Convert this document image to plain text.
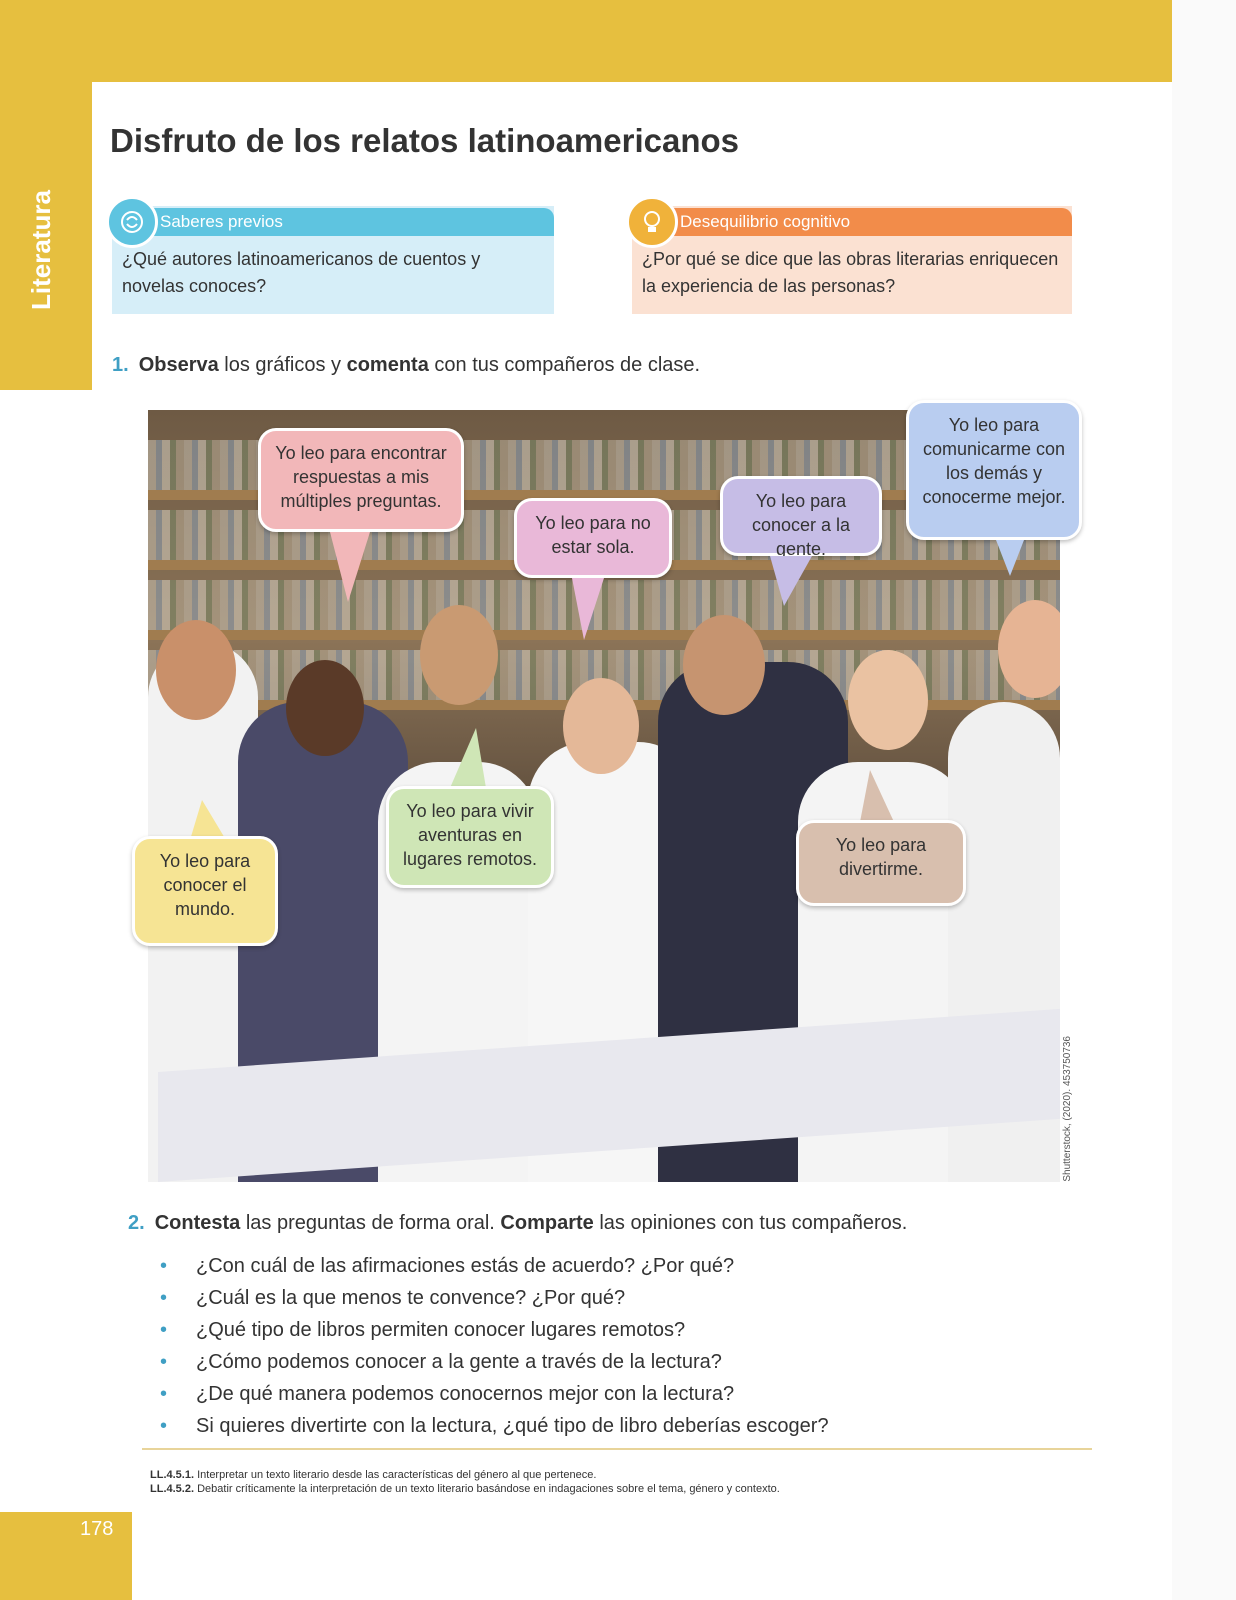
Literatura
Disfruto de los relatos latinoamericanos
Saberes previos
¿Qué autores latinoamericanos de cuentos y novelas conoces?
Desequilibrio cognitivo
¿Por qué se dice que las obras literarias enriquecen la experiencia de las personas?
1. Observa los gráficos y comenta con tus compañeros de clase.
Yo leo para encontrar respuestas a mis múltiples preguntas.
Yo leo para no estar sola.
Yo leo para conocer a la gente.
Yo leo para comunicarme con los demás y conocerme mejor.
Yo leo para vivir aventuras en lugares remotos.
Yo leo para conocer el mundo.
Yo leo para divertirme.
Shutterstock, (2020). 453750736
2. Contesta las preguntas de forma oral. Comparte las opiniones con tus compañeros.
• ¿Con cuál de las afirmaciones estás de acuerdo? ¿Por qué?
• ¿Cuál es la que menos te convence? ¿Por qué?
• ¿Qué tipo de libros permiten conocer lugares remotos?
• ¿Cómo podemos conocer a la gente a través de la lectura?
• ¿De qué manera podemos conocernos mejor con la lectura?
• Si quieres divertirte con la lectura, ¿qué tipo de libro deberías escoger?
LL.4.5.1. Interpretar un texto literario desde las características del género al que pertenece.
LL.4.5.2. Debatir críticamente la interpretación de un texto literario basándose en indagaciones sobre el tema, género y contexto.
178
